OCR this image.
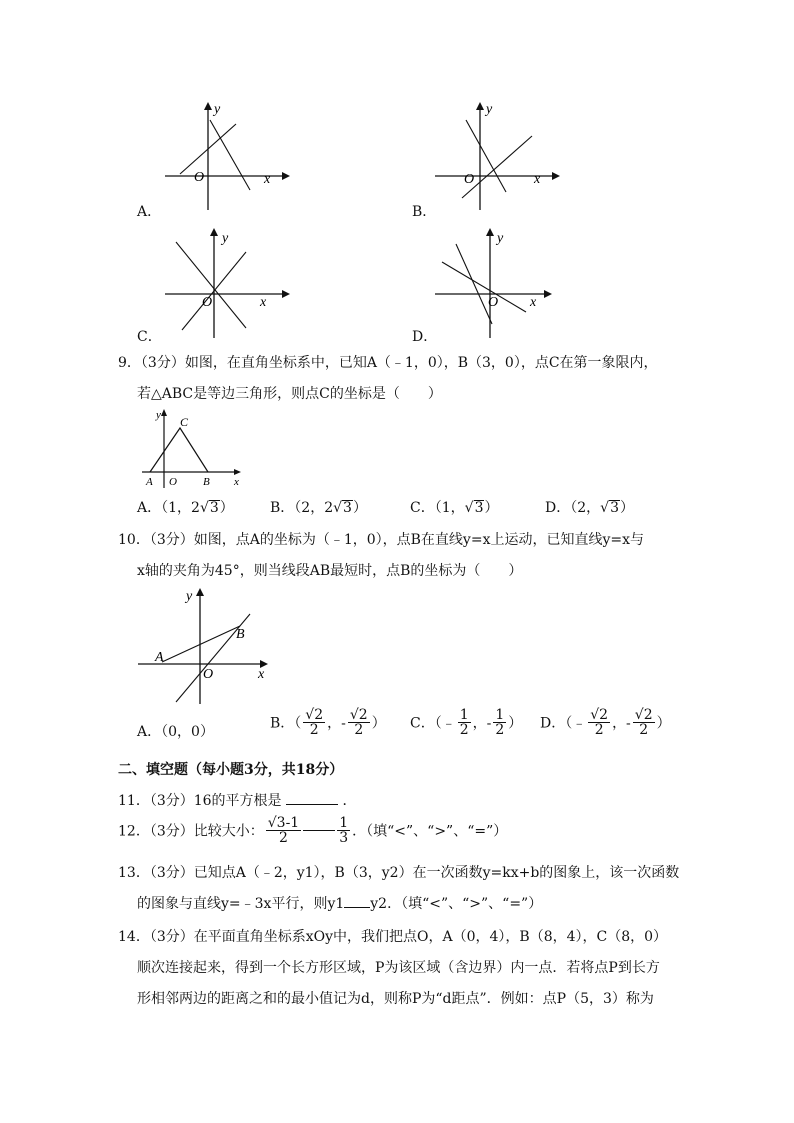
y
O	x
A．
y
O	x
B．
y
O	x
C．
y
O x
D．
9．（3分）如图，在直角坐标系中，已知A（﹣1，0），B（3，0），点C在第一象限内，
若△ABC是等边三角形，则点C的坐标是（　　）
y C
A O B x
A．（1，2√3）	B．（2，2√3）	C．（1，√3）	D．（2，√3）
10．（3分）如图，点A的坐标为（﹣1，0），点B在直线y=x上运动，已知直线y=x与
x轴的夹角为45°，则当线段AB最短时，点B的坐标为（　　）
y
B
A
O	x
A．（0，0）
B．（ $\frac{√2}{2}$ ，- $\frac{√2}{2}$ ） C．（﹣ $\frac{1}{2}$ ，- $\frac{1}{2}$ ） D．（﹣ $\frac{√2}{2}$ ，- $\frac{√2}{2}$ ）
二、填空题（每小题3分，共18分）
11．（3分）16的平方根是	．
12．（3分）比较大小： $\frac{√3-1}{2}$	$\frac{1}{3}$ ．（填“<”、“>”、“=”）
13．（3分）已知点A（﹣2，y1），B（3，y2）在一次函数y=kx+b的图象上，该一次函数
的图象与直线y=﹣3x平行，则y1 y2．（填“<”、“>”、“=”）
14．（3分）在平面直角坐标系xOy中，我们把点O，A（0，4），B（8，4），C（8，0）
顺次连接起来，得到一个长方形区域，P为该区域（含边界）内一点．若将点P到长方
形相邻两边的距离之和的最小值记为d，则称P为“d距点”．例如：点P（5，3）称为
